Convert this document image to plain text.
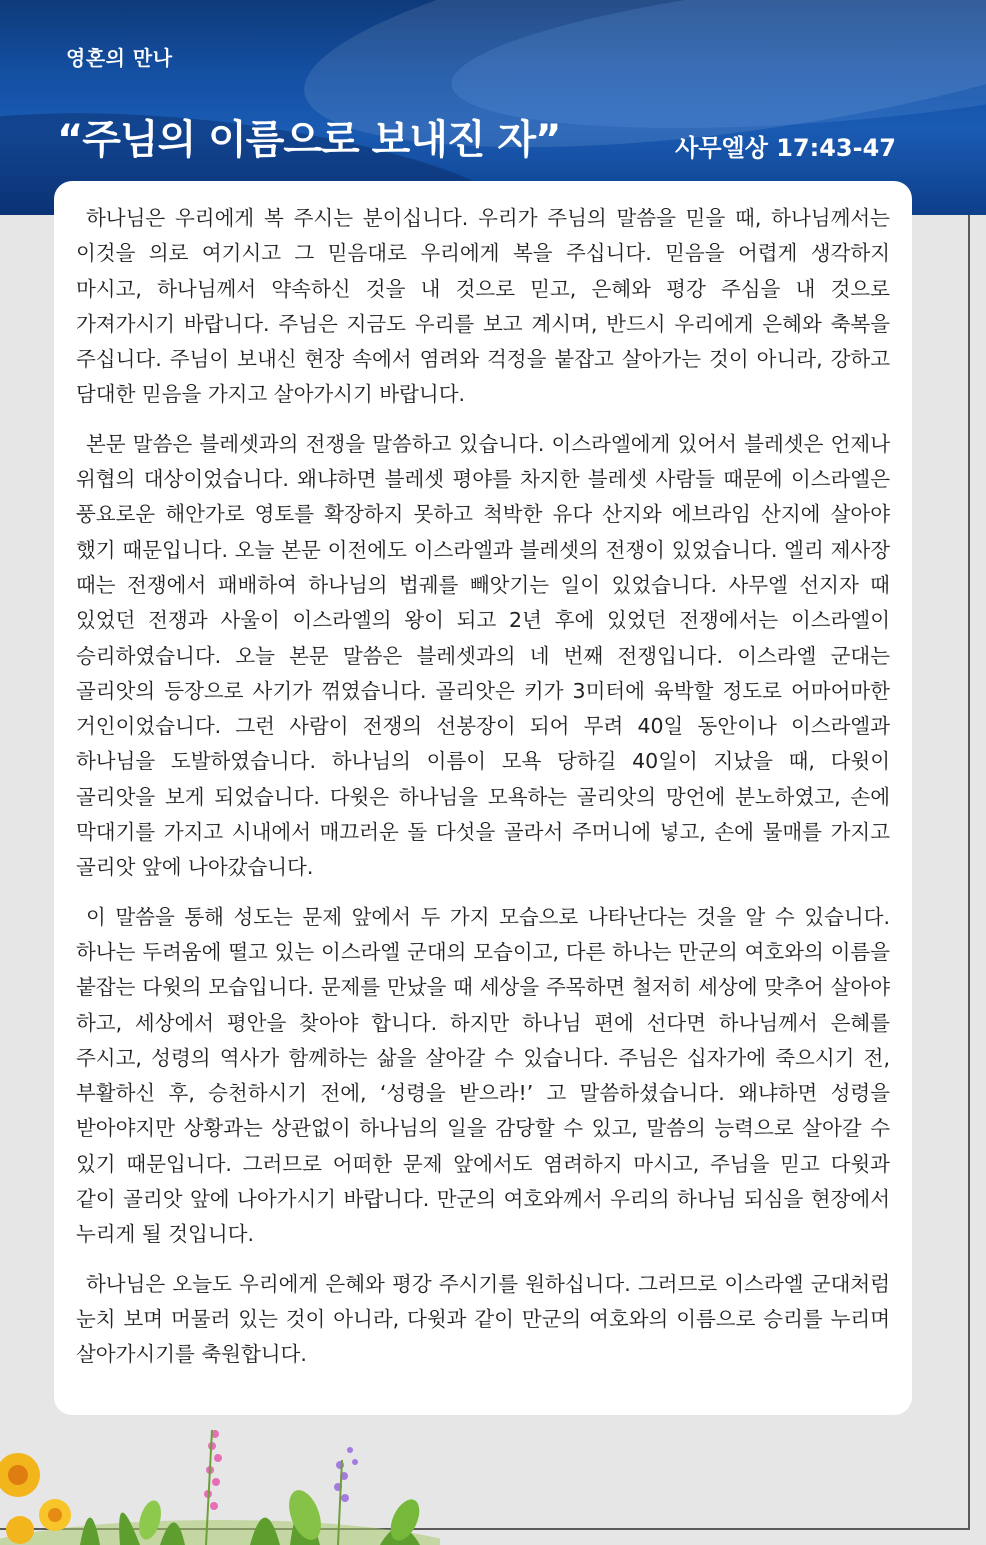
영혼의 만나
“주님의 이름으로 보내진 자”	사무엘상 17:43-47

하나님은 우리에게 복 주시는 분이십니다. 우리가 주님의 말씀을 믿을 때, 하나님께서는 이것을 의로 여기시고 그 믿음대로 우리에게 복을 주십니다. 믿음을 어렵게 생각하지 마시고, 하나님께서 약속하신 것을 내 것으로 믿고, 은혜와 평강 주심을 내 것으로 가져가시기 바랍니다. 주님은 지금도 우리를 보고 계시며, 반드시 우리에게 은혜와 축복을 주십니다. 주님이 보내신 현장 속에서 염려와 걱정을 붙잡고 살아가는 것이 아니라, 강하고 담대한 믿음을 가지고 살아가시기 바랍니다.

본문 말씀은 블레셋과의 전쟁을 말씀하고 있습니다. 이스라엘에게 있어서 블레셋은 언제나 위협의 대상이었습니다. 왜냐하면 블레셋 평야를 차지한 블레셋 사람들 때문에 이스라엘은 풍요로운 해안가로 영토를 확장하지 못하고 척박한 유다 산지와 에브라임 산지에 살아야 했기 때문입니다. 오늘 본문 이전에도 이스라엘과 블레셋의 전쟁이 있었습니다. 엘리 제사장 때는 전쟁에서 패배하여 하나님의 법궤를 빼앗기는 일이 있었습니다. 사무엘 선지자 때 있었던 전쟁과 사울이 이스라엘의 왕이 되고 2년 후에 있었던 전쟁에서는 이스라엘이 승리하였습니다. 오늘 본문 말씀은 블레셋과의 네 번째 전쟁입니다. 이스라엘 군대는 골리앗의 등장으로 사기가 꺾였습니다. 골리앗은 키가 3미터에 육박할 정도로 어마어마한 거인이었습니다. 그런 사람이 전쟁의 선봉장이 되어 무려 40일 동안이나 이스라엘과 하나님을 도발하였습니다. 하나님의 이름이 모욕 당하길 40일이 지났을 때, 다윗이 골리앗을 보게 되었습니다. 다윗은 하나님을 모욕하는 골리앗의 망언에 분노하였고, 손에 막대기를 가지고 시내에서 매끄러운 돌 다섯을 골라서 주머니에 넣고, 손에 물매를 가지고 골리앗 앞에 나아갔습니다.

이 말씀을 통해 성도는 문제 앞에서 두 가지 모습으로 나타난다는 것을 알 수 있습니다. 하나는 두려움에 떨고 있는 이스라엘 군대의 모습이고, 다른 하나는 만군의 여호와의 이름을 붙잡는 다윗의 모습입니다. 문제를 만났을 때 세상을 주목하면 철저히 세상에 맞추어 살아야 하고, 세상에서 평안을 찾아야 합니다. 하지만 하나님 편에 선다면 하나님께서 은혜를 주시고, 성령의 역사가 함께하는 삶을 살아갈 수 있습니다. 주님은 십자가에 죽으시기 전, 부활하신 후, 승천하시기 전에, ‘성령을 받으라!’ 고 말씀하셨습니다. 왜냐하면 성령을 받아야지만 상황과는 상관없이 하나님의 일을 감당할 수 있고, 말씀의 능력으로 살아갈 수 있기 때문입니다. 그러므로 어떠한 문제 앞에서도 염려하지 마시고, 주님을 믿고 다윗과 같이 골리앗 앞에 나아가시기 바랍니다. 만군의 여호와께서 우리의 하나님 되심을 현장에서 누리게 될 것입니다.

하나님은 오늘도 우리에게 은혜와 평강 주시기를 원하십니다. 그러므로 이스라엘 군대처럼 눈치 보며 머물러 있는 것이 아니라, 다윗과 같이 만군의 여호와의 이름으로 승리를 누리며 살아가시기를 축원합니다.
